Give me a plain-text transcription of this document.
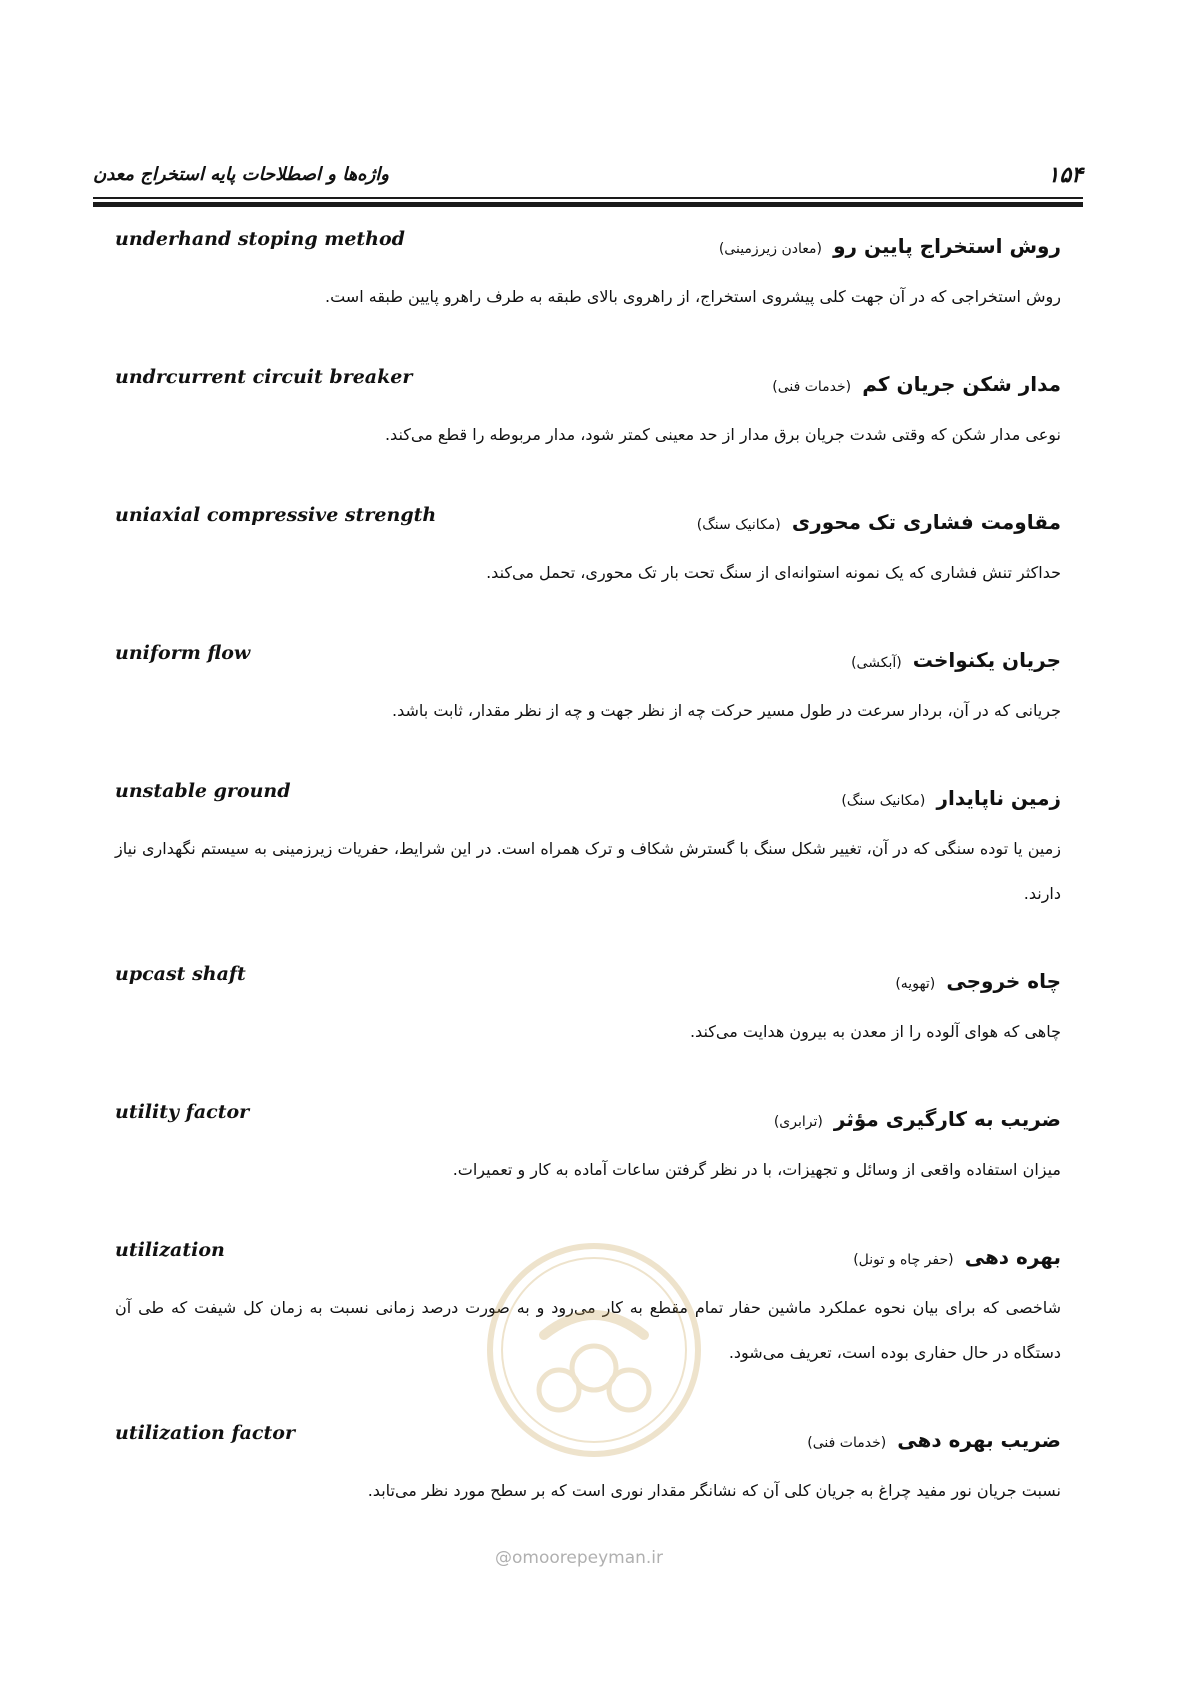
۱۵۴
واژه‌ها و اصطلاحات پایه استخراج معدن
underhand stoping method	روش استخراج پایین رو (معادن زیرزمینی)
روش استخراجی که در آن جهت کلی پیشروی استخراج، از راهروی بالای طبقه به طرف راهرو پایین طبقه است.
undrcurrent circuit breaker	مدار شکن جریان کم (خدمات فنی)
نوعی مدار شکن که وقتی شدت جریان برق مدار از حد معینی کمتر شود، مدار مربوطه را قطع می‌کند.
uniaxial compressive strength	مقاومت فشاری تک محوری (مکانیک سنگ)
حداکثر تنش فشاری که یک نمونه استوانه‌ای از سنگ تحت بار تک محوری، تحمل می‌کند.
uniform flow	جریان یکنواخت (آبکشی)
جریانی که در آن، بردار سرعت در طول مسیر حرکت چه از نظر جهت و چه از نظر مقدار، ثابت باشد.
unstable ground	زمین ناپایدار (مکانیک سنگ)
زمین یا توده سنگی که در آن، تغییر شکل سنگ با گسترش شکاف و ترک همراه است. در این شرایط، حفریات زیرزمینی به سیستم نگهداری نیاز دارند.
upcast shaft	چاه خروجی (تهویه)
چاهی که هوای آلوده را از معدن به بیرون هدایت می‌کند.
utility factor	ضریب به کارگیری مؤثر (ترابری)
میزان استفاده واقعی از وسائل و تجهیزات، با در نظر گرفتن ساعات آماده به کار و تعمیرات.
utilization	بهره دهی (حفر چاه و تونل)
شاخصی که برای بیان نحوه عملکرد ماشین حفار تمام مقطع به کار می‌رود و به صورت درصد زمانی نسبت به زمان کل شیفت که طی آن دستگاه در حال حفاری بوده است، تعریف می‌شود.
utilization factor	ضریب بهره دهی (خدمات فنی)
نسبت جریان نور مفید چراغ به جریان کلی آن که نشانگر مقدار نوری است که بر سطح مورد نظر می‌تابد.
@omoorepeyman.ir
